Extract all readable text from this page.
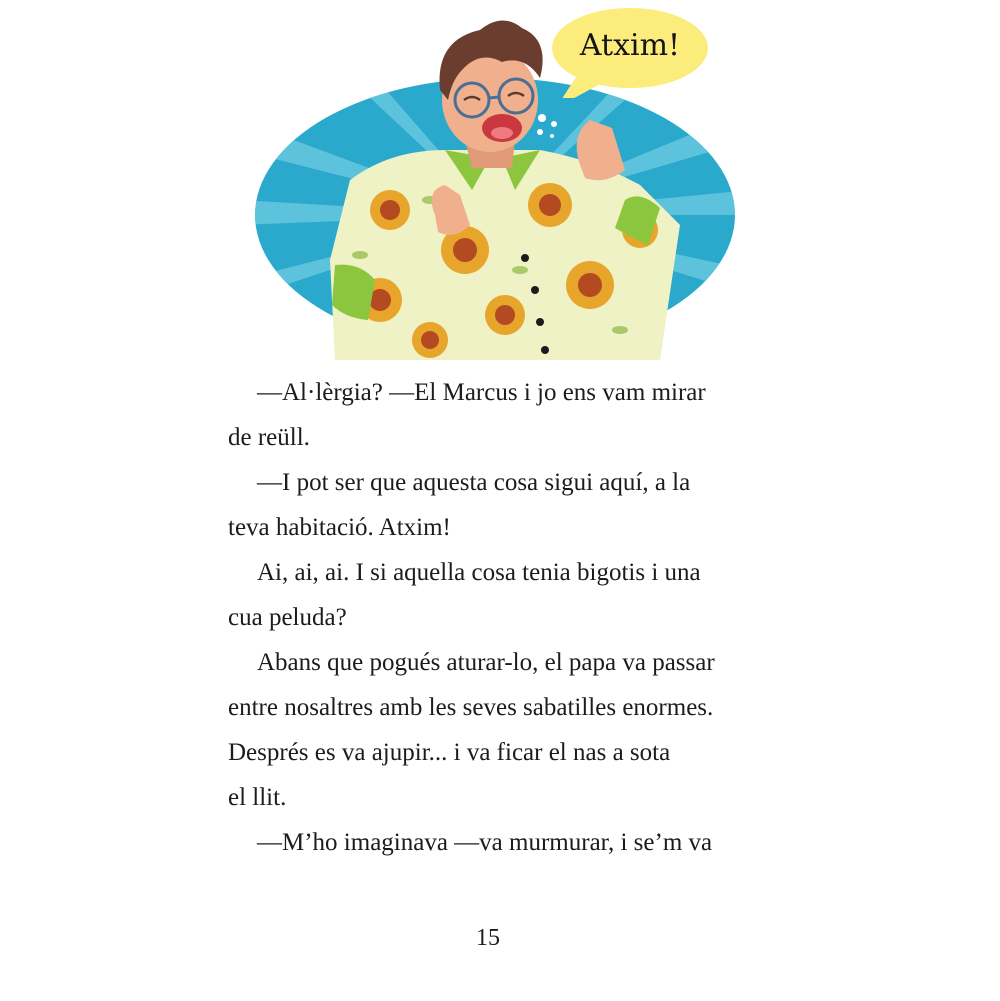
Atxim!
—Al·lèrgia? —El Marcus i jo ens vam mirar
de reüll.
—I pot ser que aquesta cosa sigui aquí, a la
teva habitació. Atxim!
Ai, ai, ai. I si aquella cosa tenia bigotis i una
cua peluda?
Abans que pogués aturar-lo, el papa va passar
entre nosaltres amb les seves sabatilles enormes.
Després es va ajupir... i va ficar el nas a sota
el llit.
—M’ho imaginava —va murmurar, i se’m va
15
